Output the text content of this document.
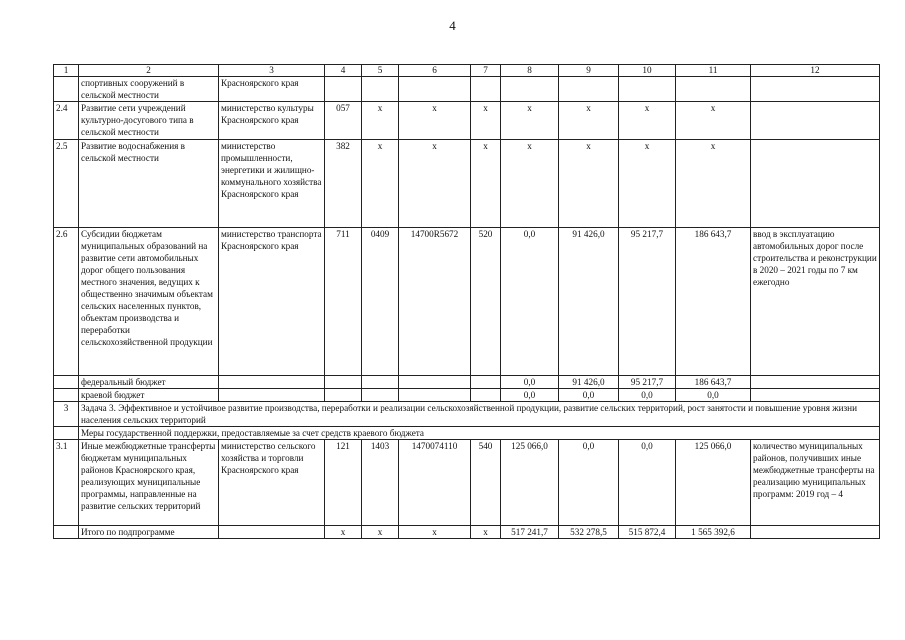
4
1	2	3	4	5	6	7	8	9	10	11	12
	спортивных сооружений в сельской местности	Красноярского края									
2.4	Развитие сети учреждений культурно-досугового типа в сельской местности	министерство культуры Красноярского края	057	х	х	х	х	х	х	х	
2.5	Развитие водоснабжения в сельской местности	министерство промышленности, энергетики и жилищно-коммунального хозяйства Красноярского края	382	х	х	х	х	х	х	х	
2.6	Субсидии бюджетам муниципальных образований на развитие сети автомобильных дорог общего пользования местного значения, ведущих к общественно значимым объектам сельских населенных пунктов, объектам производства и переработки сельскохозяйственной продукции	министерство транспорта Красноярского края	711	0409	14700R5672	520	0,0	91 426,0	95 217,7	186 643,7	ввод в эксплуатацию автомобильных дорог после строительства и реконструкции в 2020 – 2021 годы по 7 км ежегодно
	федеральный бюджет						0,0	91 426,0	95 217,7	186 643,7	
	краевой бюджет						0,0	0,0	0,0	0,0	
3	Задача 3. Эффективное и устойчивое развитие производства, переработки и реализации сельскохозяйственной продукции, развитие сельских территорий, рост занятости и повышение уровня жизни населения сельских территорий										
	Меры государственной поддержки, предоставляемые за счет средств краевого бюджета										
3.1	Иные межбюджетные трансферты бюджетам муниципальных районов Красноярского края, реализующих муниципальные программы, направленные на развитие сельских территорий	министерство сельского хозяйства и торговли Красноярского края	121	1403	1470074110	540	125 066,0	0,0	0,0	125 066,0	количество муниципальных районов, получивших иные межбюджетные трансферты на реализацию муниципальных программ: 2019 год – 4
	Итого по подпрограмме		х	х	х	х	517 241,7	532 278,5	515 872,4	1 565 392,6	
